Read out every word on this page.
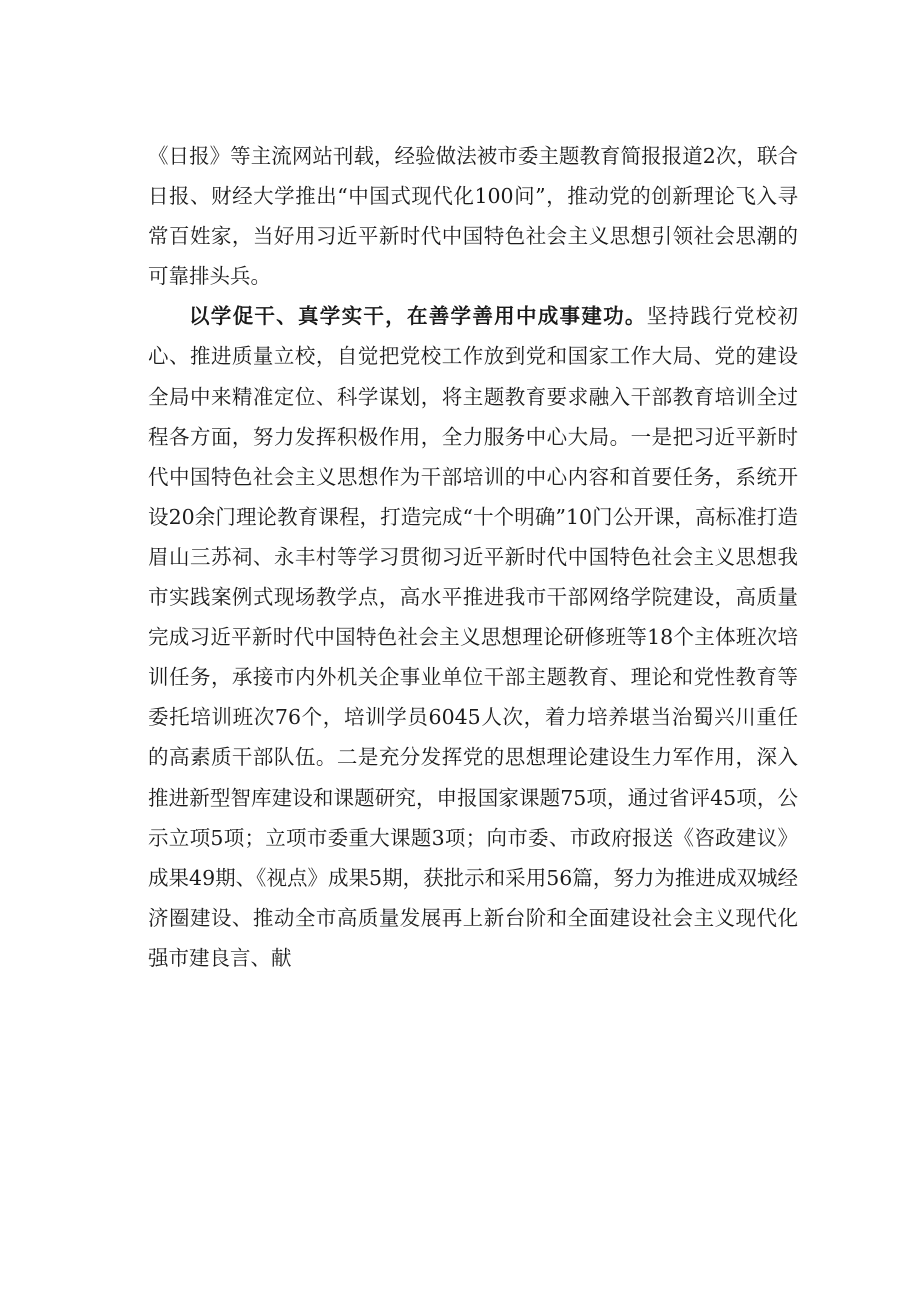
《日报》等主流网站刊载，经验做法被市委主题教育简报报道2次，联合日报、财经大学推出“中国式现代化100问”，推动党的创新理论飞入寻常百姓家，当好用习近平新时代中国特色社会主义思想引领社会思潮的可靠排头兵。

以学促干、真学实干，在善学善用中成事建功。坚持践行党校初心、推进质量立校，自觉把党校工作放到党和国家工作大局、党的建设全局中来精准定位、科学谋划，将主题教育要求融入干部教育培训全过程各方面，努力发挥积极作用，全力服务中心大局。一是把习近平新时代中国特色社会主义思想作为干部培训的中心内容和首要任务，系统开设20余门理论教育课程，打造完成“十个明确”10门公开课，高标准打造眉山三苏祠、永丰村等学习贯彻习近平新时代中国特色社会主义思想我市实践案例式现场教学点，高水平推进我市干部网络学院建设，高质量完成习近平新时代中国特色社会主义思想理论研修班等18个主体班次培训任务，承接市内外机关企事业单位干部主题教育、理论和党性教育等委托培训班次76个，培训学员6045人次，着力培养堪当治蜀兴川重任的高素质干部队伍。二是充分发挥党的思想理论建设生力军作用，深入推进新型智库建设和课题研究，申报国家课题75项，通过省评45项，公示立项5项；立项市委重大课题3项；向市委、市政府报送《咨政建议》成果49期、《视点》成果5期，获批示和采用56篇，努力为推进成双城经济圈建设、推动全市高质量发展再上新台阶和全面建设社会主义现代化强市建良言、献
